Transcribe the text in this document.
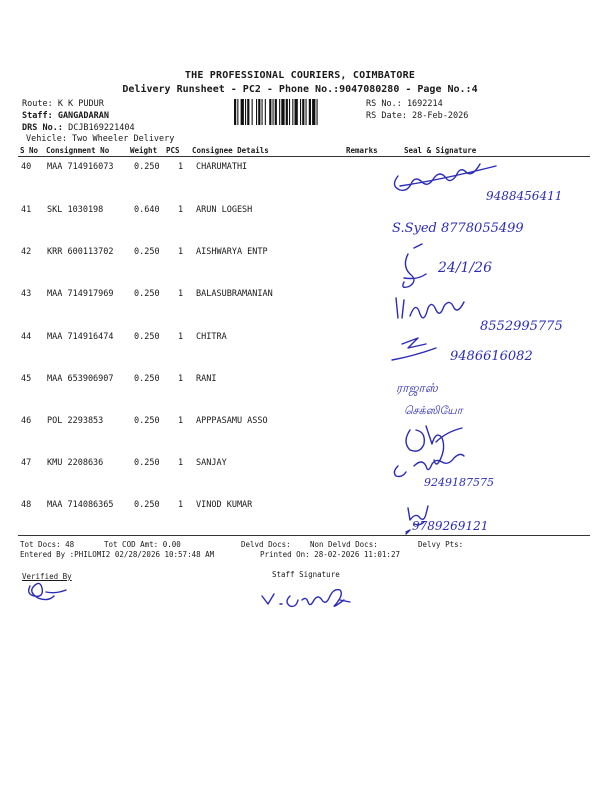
THE PROFESSIONAL COURIERS, COIMBATORE
Delivery Runsheet - PC2 - Phone No.:9047080280 - Page No.:4
Route: K K PUDUR
Staff: GANGADARAN
DRS No.: DCJB169221404
Vehicle: Two Wheeler Delivery
RS No.: 1692214
RS Date: 28-Feb-2026
S No Consignment No	Weight PCS Consignee Details	Remarks	Seal & Signature
40 MAA 714916073 0.250 1 CHARUMATHI
41 SKL 1030198	0.640 1 ARUN LOGESH
42 KRR 600113702 0.250 1 AISHWARYA ENTP
43 MAA 714917969 0.250 1 BALASUBRAMANIAN
44 MAA 714916474 0.250 1 CHITRA
45 MAA 653906907 0.250 1 RANI
46 POL 2293853	0.250 1 APPPASAMU ASSO
47 KMU 2208636	0.250 1 SANJAY
48 MAA 714086365 0.250 1 VINOD KUMAR
9488456411
S.Syed 8778055499
24/1/26
8552995775
9486616082
ராஜாஸ்
செக்ஸியோ
9249187575
9789269121
Tot Docs: 48	Tot COD Amt: 0.00	Delvd Docs:	Non Delvd Docs:	Delvy Pts:
Entered By :PHILOMI2 02/28/2026 10:57:48 AM	Printed On: 28-02-2026 11:01:27
Verified By	Staff Signature
